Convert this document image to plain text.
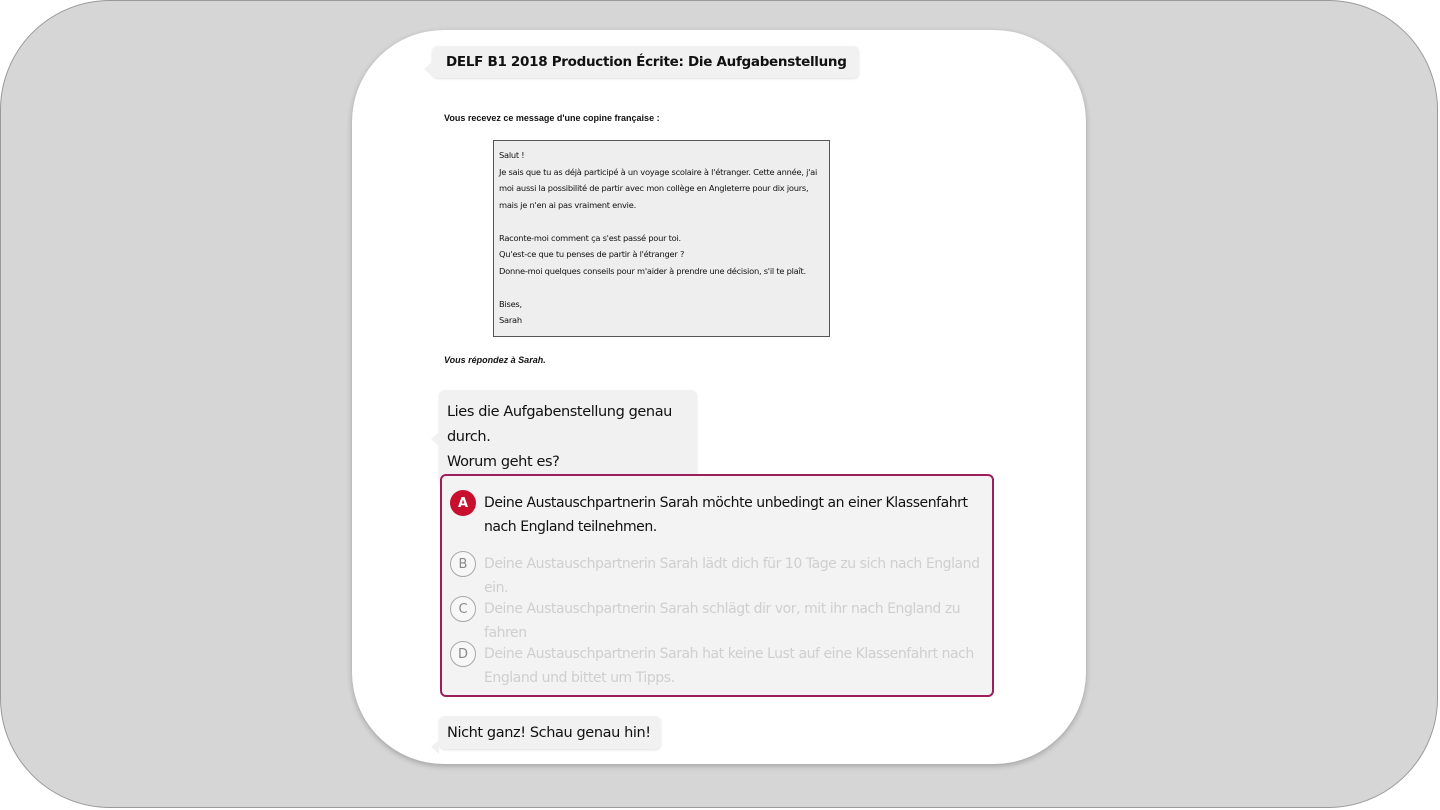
DELF B1 2018 Production Écrite: Die Aufgabenstellung
Vous recevez ce message d'une copine française :

Salut !

Je sais que tu as déjà participé à un voyage scolaire à l'étranger. Cette année, j'ai moi aussi la possibilité de partir avec mon collège en Angleterre pour dix jours, mais je n'en ai pas vraiment envie.

Raconte-moi comment ça s'est passé pour toi.

Qu'est-ce que tu penses de partir à l'étranger ?

Donne-moi quelques conseils pour m'aider à prendre une décision, s'il te plaît.

Bises,

Sarah

Vous répondez à Sarah.
Lies die Aufgabenstellung genau durch.
Worum geht es?
A	Deine Austauschpartnerin Sarah möchte unbedingt an einer Klassenfahrt nach England teilnehmen.
B	Deine Austauschpartnerin Sarah lädt dich für 10 Tage zu sich nach England ein.
C	Deine Austauschpartnerin Sarah schlägt dir vor, mit ihr nach England zu fahren
D	Deine Austauschpartnerin Sarah hat keine Lust auf eine Klassenfahrt nach England und bittet um Tipps.
Nicht ganz! Schau genau hin!
